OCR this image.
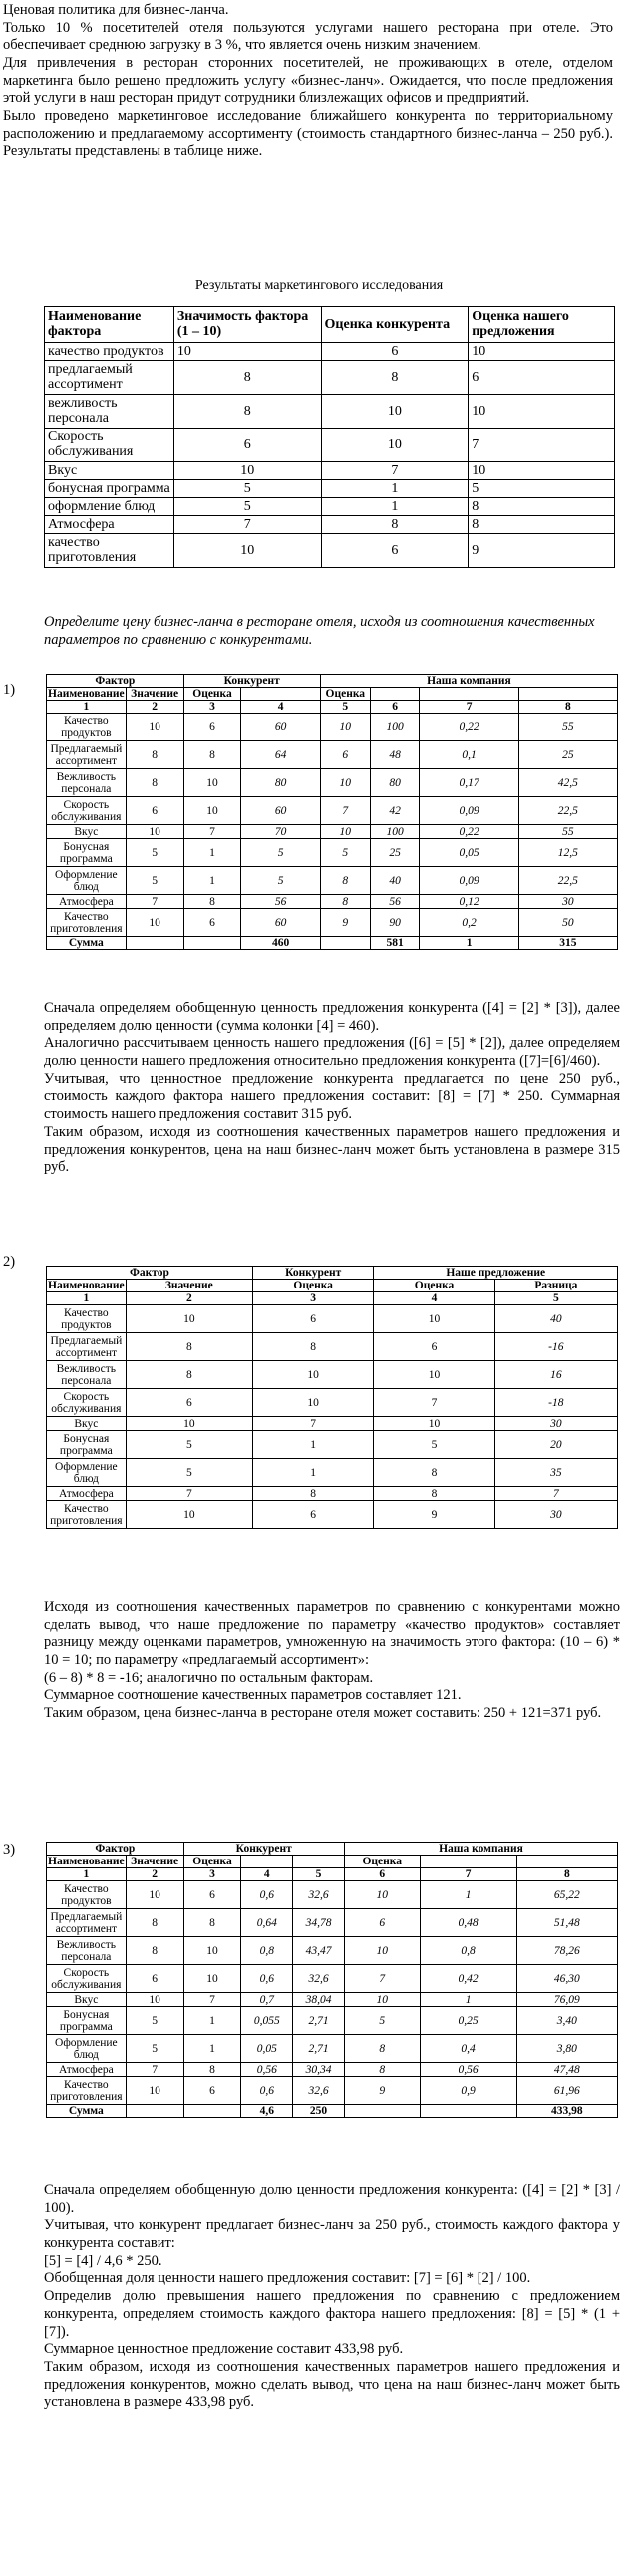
Ценовая политика для бизнес-ланча.

Только 10 % посетителей отеля пользуются услугами нашего ресторана при отеле. Это обеспечивает среднюю загрузку в 3 %, что является очень низким значением.

Для привлечения в ресторан сторонних посетителей, не проживающих в отеле, отделом маркетинга было решено предложить услугу «бизнес-ланч». Ожидается, что после предложения этой услуги в наш ресторан придут сотрудники близлежащих офисов и предприятий.

Было проведено маркетинговое исследование ближайшего конкурента по территориальному расположению и предлагаемому ассортименту (стоимость стандартного бизнес-ланча – 250 руб.). Результаты представлены в таблице ниже.

Результаты маркетингового исследования
Наименование фактора	Значимость фактора (1 – 10)	Оценка конкурента	Оценка нашего предложения
качество продуктов	10	6	10
предлагаемый ассортимент	8	8	6
вежливость персонала	8	10	10
Скорость обслуживания	6	10	7
Вкус	10	7	10
бонусная программа	5	1	5
оформление блюд	5	1	8
Атмосфера	7	8	8
качество приготовления	10	6	9
Определите цену бизнес-ланча в ресторане отеля, исходя из соотношения качественных параметров по сравнению с конкурентами.
1)
Фактор		Конкурент		Наша компания			
Наименование	Значение	Оценка		Оценка			
1	2	3	4	5	6	7	8
Качество продуктов	10	6	60	10	100	0,22	55
Предлагаемый ассортимент	8	8	64	6	48	0,1	25
Вежливость персонала	8	10	80	10	80	0,17	42,5
Скорость обслуживания	6	10	60	7	42	0,09	22,5
Вкус	10	7	70	10	100	0,22	55
Бонусная программа	5	1	5	5	25	0,05	12,5
Оформление блюд	5	1	5	8	40	0,09	22,5
Атмосфера	7	8	56	8	56	0,12	30
Качество приготовления	10	6	60	9	90	0,2	50
Сумма			460		581	1	315

Сначала определяем обобщенную ценность предложения конкурента ([4] = [2] * [3]), далее определяем долю ценности (сумма колонки [4] = 460).

Аналогично рассчитываем ценность нашего предложения ([6] = [5] * [2]), далее определяем долю ценности нашего предложения относительно предложения конкурента ([7]=[6]/460).

Учитывая, что ценностное предложение конкурента предлагается по цене 250 руб., стоимость каждого фактора нашего предложения составит: [8] = [7] * 250. Суммарная стоимость нашего предложения составит 315 руб.

Таким образом, исходя из соотношения качественных параметров нашего предложения и предложения конкурентов, цена на наш бизнес-ланч может быть установлена в размере 315 руб.

2)
Фактор		Конкурент	Наше предложение	
Наименование	Значение	Оценка	Оценка	Разница
1	2	3	4	5
Качество продуктов	10	6	10	40
Предлагаемый ассортимент	8	8	6	-16
Вежливость персонала	8	10	10	16
Скорость обслуживания	6	10	7	-18
Вкус	10	7	10	30
Бонусная программа	5	1	5	20
Оформление блюд	5	1	8	35
Атмосфера	7	8	8	7
Качество приготовления	10	6	9	30

Исходя из соотношения качественных параметров по сравнению с конкурентами можно сделать вывод, что наше предложение по параметру «качество продуктов» составляет разницу между оценками параметров, умноженную на значимость этого фактора: (10 – 6) * 10 = 10; по параметру «предлагаемый ассортимент»:

(6 – 8) * 8 = -16; аналогично по остальным факторам.

Суммарное соотношение качественных параметров составляет 121.

Таким образом, цена бизнес-ланча в ресторане отеля может составить: 250 + 121=371 руб.

3)	Фактор		Конкурент			Наша компания		
Наименование	Значение	Оценка			Оценка		
1	2	3	4	5	6	7	8
Качество продуктов	10	6	0,6	32,6	10	1	65,22
Предлагаемый ассортимент	8	8	0,64	34,78	6	0,48	51,48
Вежливость персонала	8	10	0,8	43,47	10	0,8	78,26
Скорость обслуживания	6	10	0,6	32,6	7	0,42	46,30
Вкус	10	7	0,7	38,04	10	1	76,09
Бонусная программа	5	1	0,055	2,71	5	0,25	3,40
Оформление блюд	5	1	0,05	2,71	8	0,4	3,80
Атмосфера	7	8	0,56	30,34	8	0,56	47,48
Качество приготовления	10	6	0,6	32,6	9	0,9	61,96
Сумма			4,6	250			433,98

Сначала определяем обобщенную долю ценности предложения конкурента: ([4] = [2] * [3] / 100).

Учитывая, что конкурент предлагает бизнес-ланч за 250 руб., стоимость каждого фактора у конкурента составит:

[5] = [4] / 4,6 * 250.

Обобщенная доля ценности нашего предложения составит: [7] = [6] * [2] / 100.

Определив долю превышения нашего предложения по сравнению с предложением конкурента, определяем стоимость каждого фактора нашего предложения: [8] = [5] * (1 + [7]).

Суммарное ценностное предложение составит 433,98 руб.

Таким образом, исходя из соотношения качественных параметров нашего предложения и предложения конкурентов, можно сделать вывод, что цена на наш бизнес-ланч может быть установлена в размере 433,98 руб.
